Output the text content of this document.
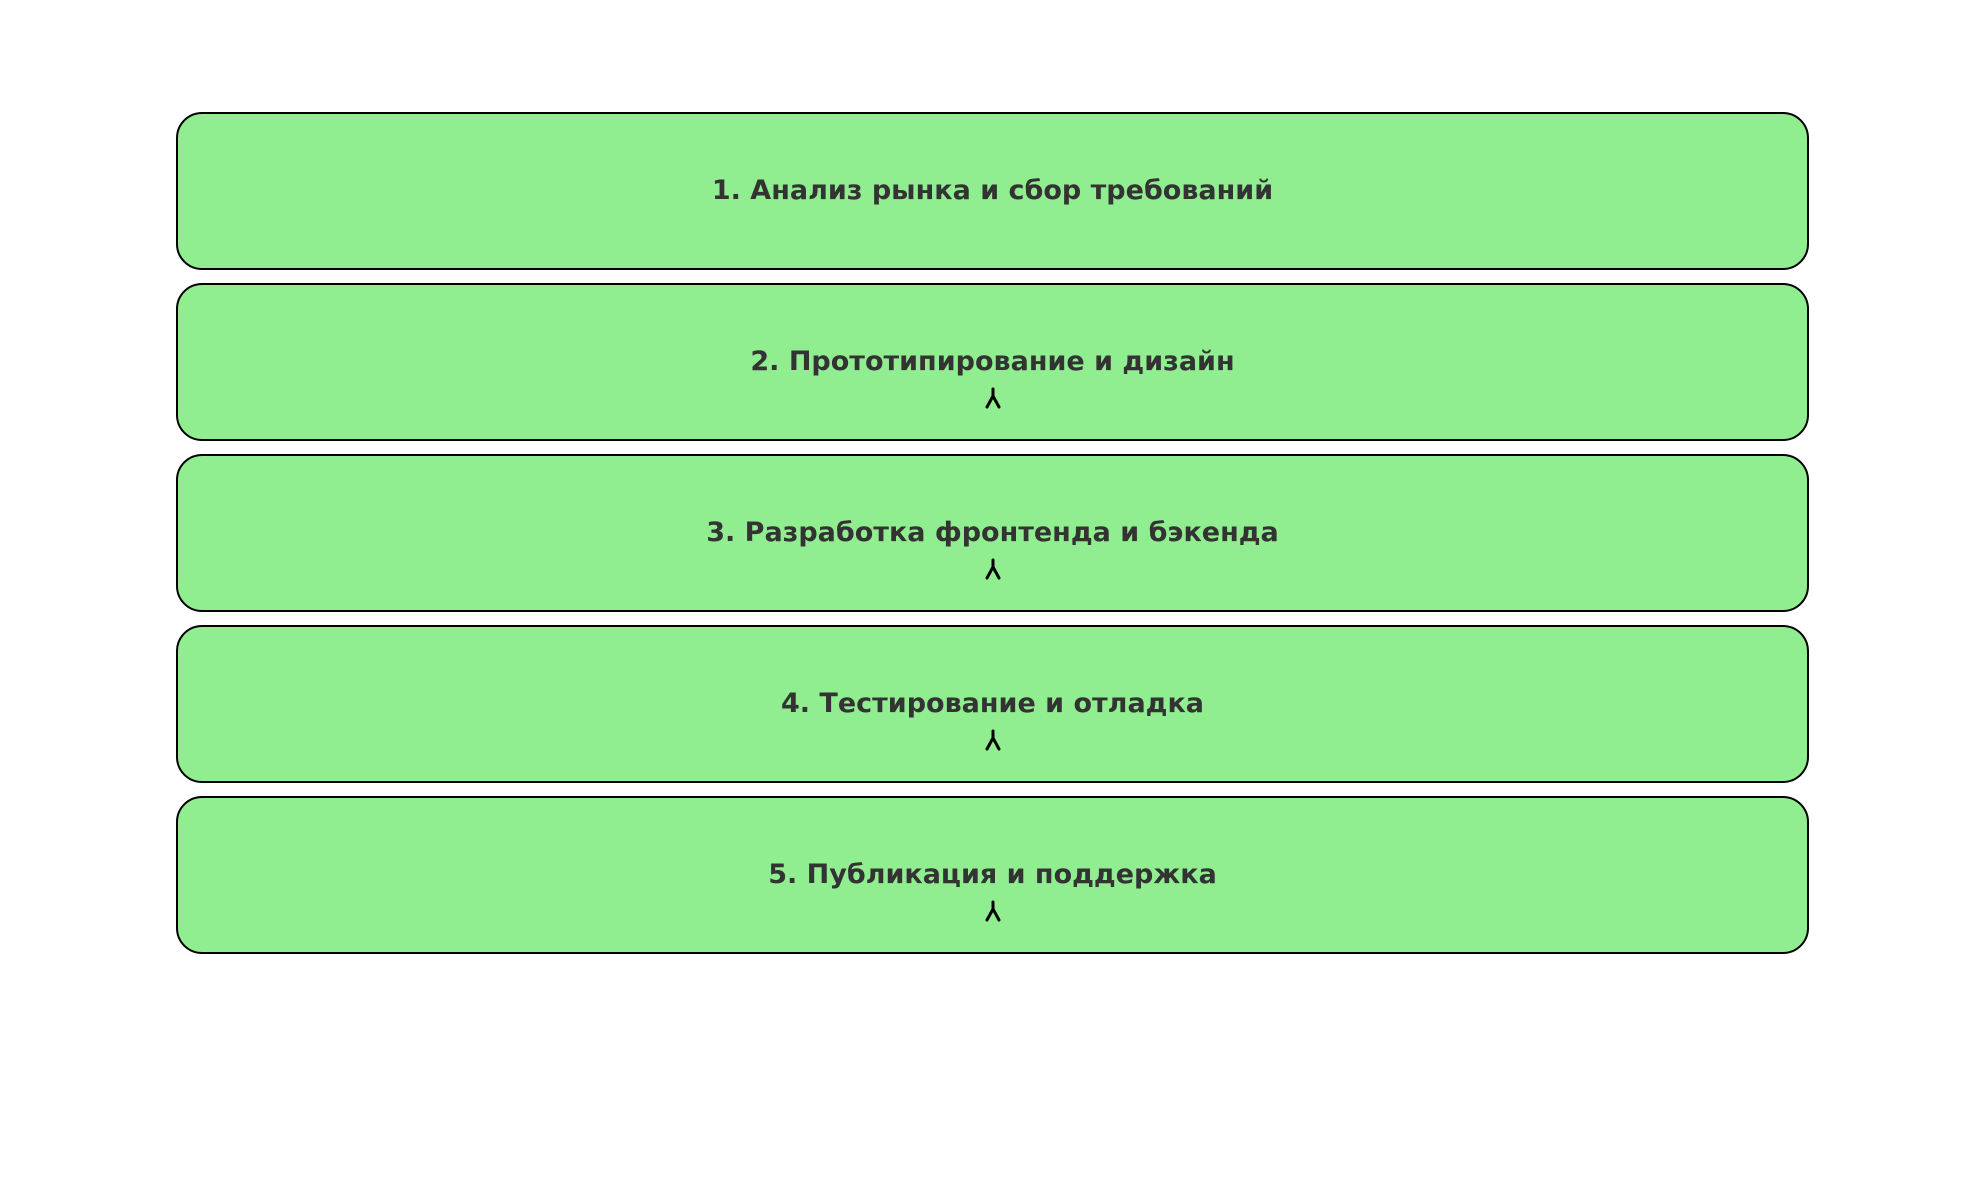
1. Анализ рынка и сбор требований
2. Прототипирование и дизайн
3. Разработка фронтенда и бэкенда
4. Тестирование и отладка
5. Публикация и поддержка
